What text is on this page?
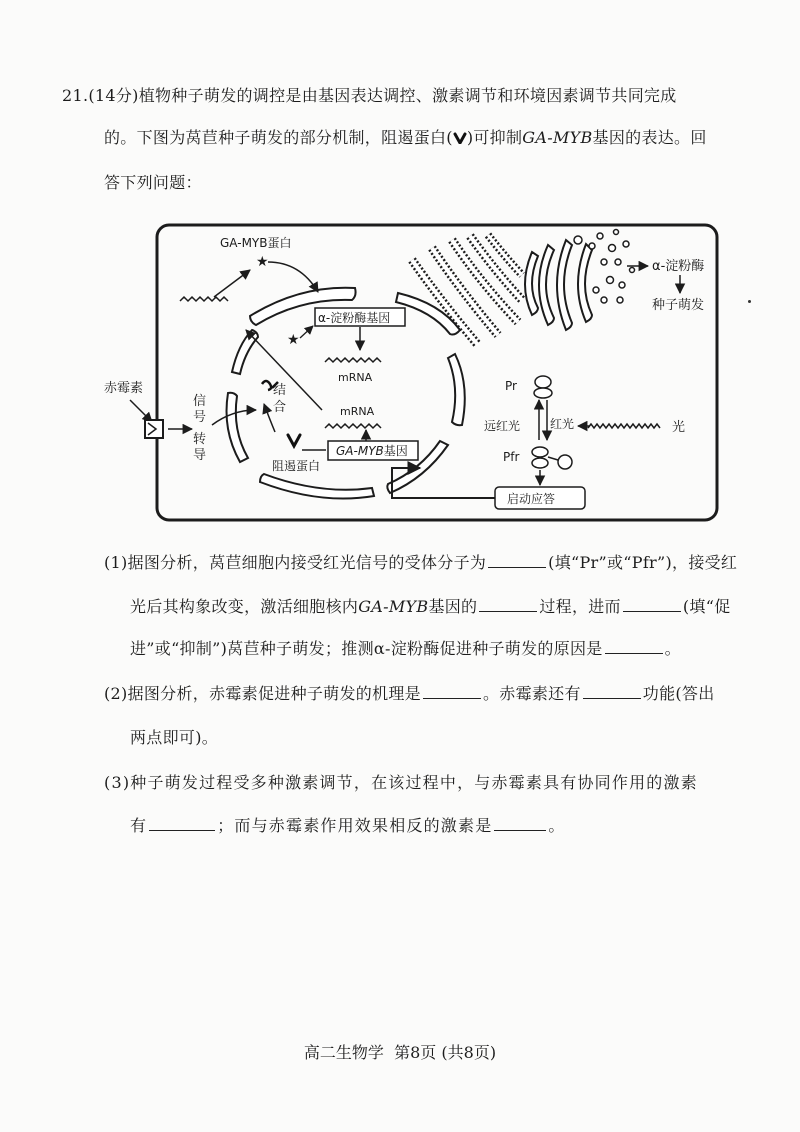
21.(14分)植物种子萌发的调控是由基因表达调控、激素调节和环境因素调节共同完成
的。下图为莴苣种子萌发的部分机制，阻遏蛋白( )可抑制GA-MYB基因的表达。回
答下列问题：
α-淀粉酶
种子萌发
GA-MYB蛋白
★
★
α-淀粉酶基因
mRNA
mRNA
GA-MYB基因
阻遏蛋白
赤霉素
信
号
转
导
结
合
Pr
远红光 红光
Pfr
光
启动应答
(1)据图分析，莴苣细胞内接受红光信号的受体分子为	(填“Pr”或“Pfr”)，接受红
光后其构象改变，激活细胞核内GA-MYB基因的	过程，进而	(填“促
进”或“抑制”)莴苣种子萌发；推测α-淀粉酶促进种子萌发的原因是	。
(2)据图分析，赤霉素促进种子萌发的机理是	。赤霉素还有	功能(答出
两点即可)。
(3)种子萌发过程受多种激素调节，在该过程中，与赤霉素具有协同作用的激素
有	；而与赤霉素作用效果相反的激素是	。
高二生物学 第8页 (共8页)
